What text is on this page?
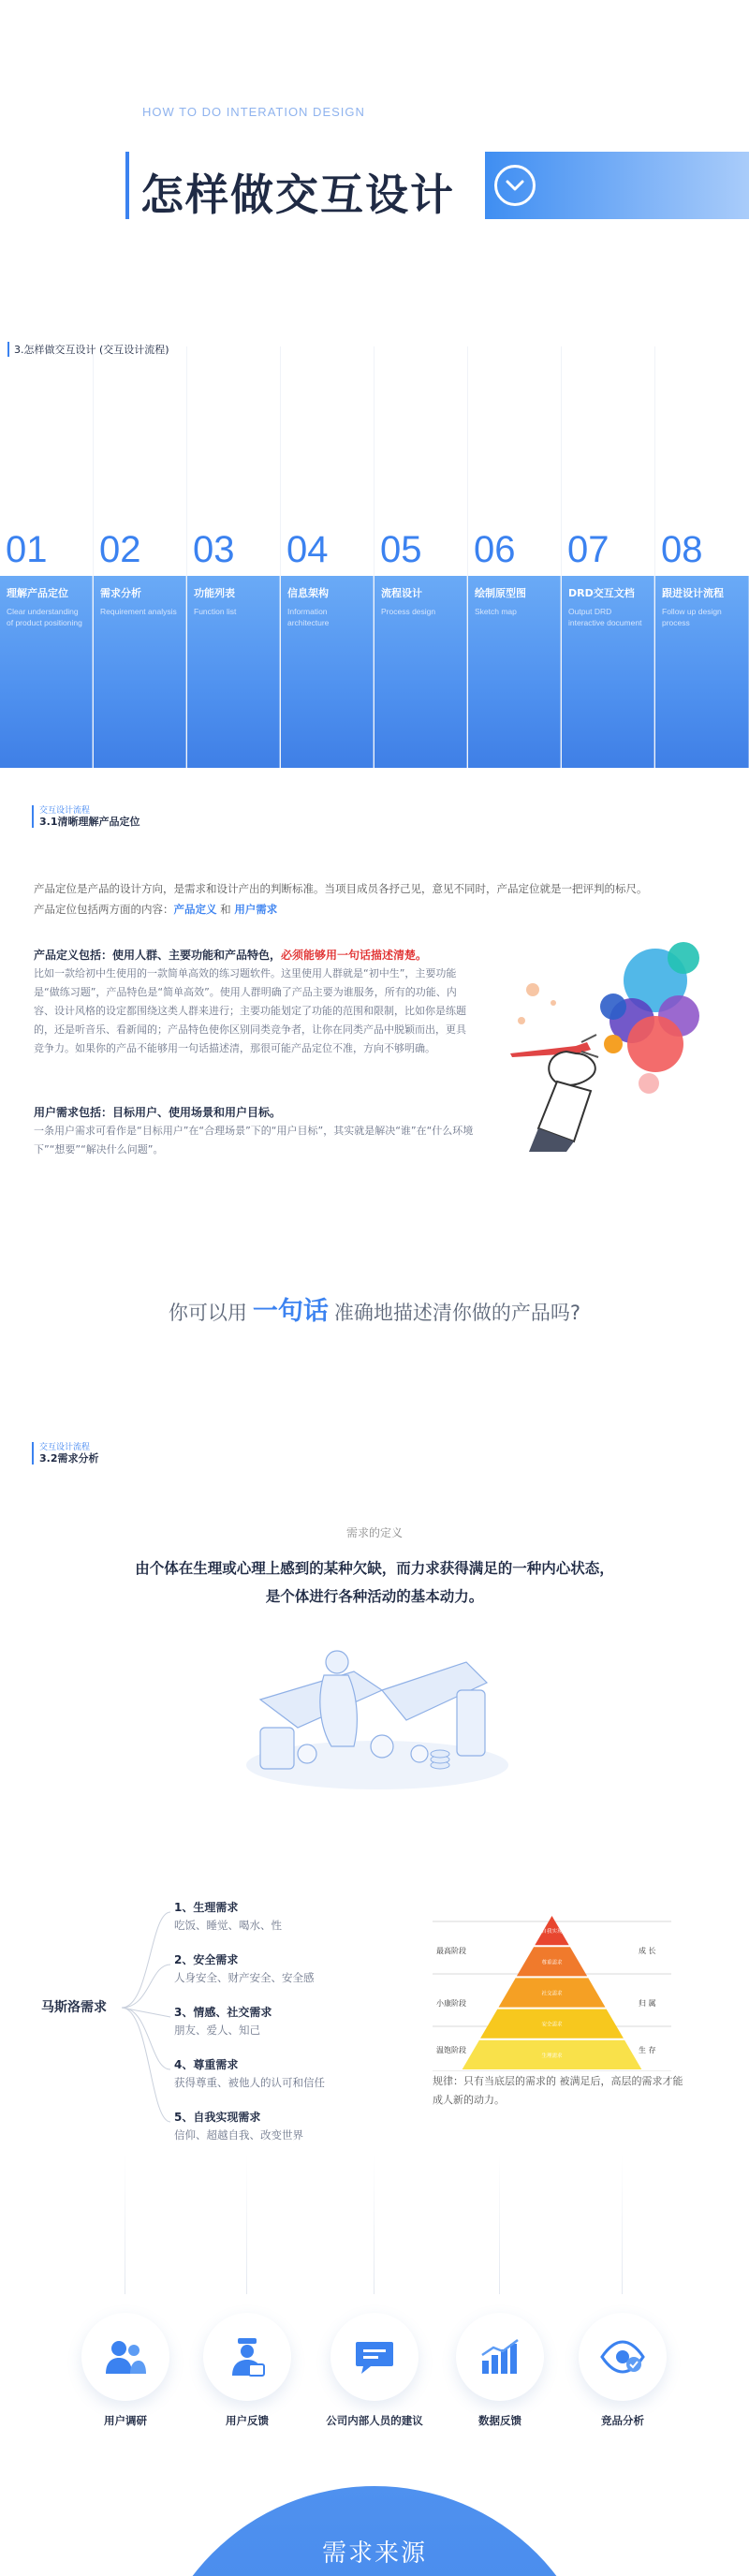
HOW TO DO INTERATION DESIGN
怎样做交互设计
01
理解产品定位
Clear understanding of product positioning
02
需求分析
Requirement analysis
03
功能列表
Function list
04
信息架构
Information architecture
05
流程设计
Process design
06
绘制原型图
Sketch map
07
DRD交互文档
Output DRD interactive document
08
跟进设计流程
Follow up design process
3.怎样做交互设计 (交互设计流程)
交互设计流程
3.1清晰理解产品定位
产品定位是产品的设计方向，是需求和设计产出的判断标准。当项目成员各抒己见，意见不同时，产品定位就是一把评判的标尺。
产品定位包括两方面的内容：产品定义 和 用户需求
产品定义包括：使用人群、主要功能和产品特色，必须能够用一句话描述清楚。
比如一款给初中生使用的一款简单高效的练习题软件。这里使用人群就是“初中生”，主要功能是“做练习题”，产品特色是“简单高效”。使用人群明确了产品主要为谁服务，所有的功能、内容、设计风格的设定都围绕这类人群来进行；主要功能划定了功能的范围和限制，比如你是练题的，还是听音乐、看新闻的；产品特色使你区别同类竞争者，让你在同类产品中脱颖而出，更具竞争力。如果你的产品不能够用一句话描述清，那很可能产品定位不准，方向不够明确。
用户需求包括：目标用户、使用场景和用户目标。
一条用户需求可看作是“目标用户”在“合理场景”下的“用户目标”，其实就是解决“谁”在“什么环境下”“想要”“解决什么问题”。
你可以用 一句话 准确地描述清你做的产品吗?
交互设计流程
3.2需求分析
需求的定义
由个体在生理或心理上感到的某种欠缺，而力求获得满足的一种内心状态，
是个体进行各种活动的基本动力。
马斯洛需求
1、生理需求
吃饭、睡觉、喝水、性
2、安全需求
人身安全、财产安全、安全感
3、情感、社交需求
朋友、爱人、知己
4、尊重需求
获得尊重、被他人的认可和信任
5、自我实现需求
信仰、超越自我、改变世界
自我实现
尊重需求
社交需求
安全需求
生理需求
最高阶段
小康阶段
温饱阶段
成 长
归 属
生 存
规律：只有当底层的需求的 被满足后，高层的需求才能成人新的动力。
用户调研	用户反馈	公司内部人员的建议	数据反馈	竞品分析
需求来源
